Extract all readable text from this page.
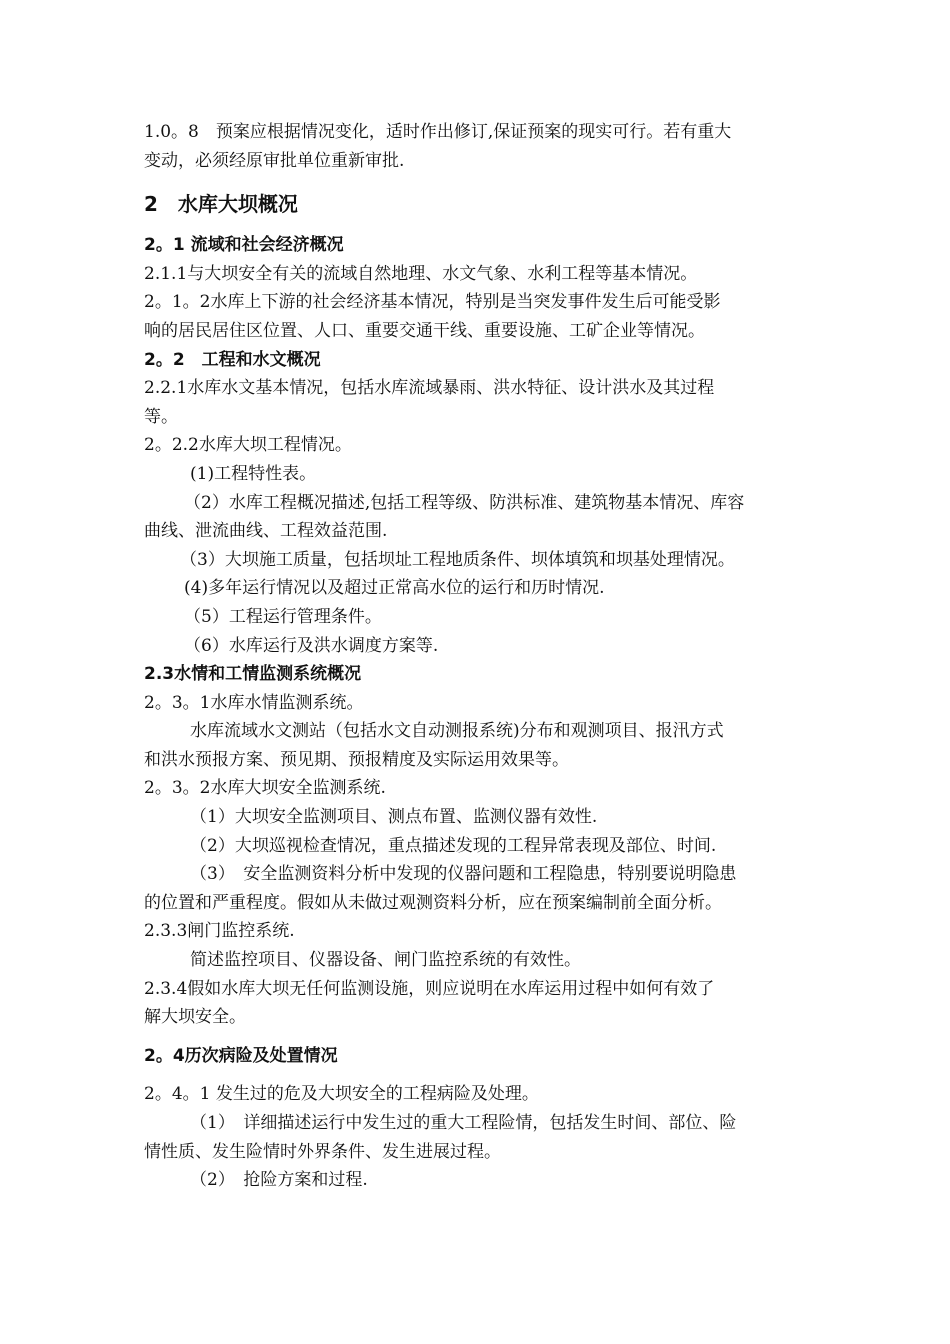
1.0。8　预案应根据情况变化，适时作出修订,保证预案的现实可行。若有重大
变动，必须经原审批单位重新审批.
2　水库大坝概况
2。1 流域和社会经济概况
2.1.1与大坝安全有关的流域自然地理、水文气象、水利工程等基本情况。
2。1。2水库上下游的社会经济基本情况，特别是当突发事件发生后可能受影
响的居民居住区位置、人口、重要交通干线、重要设施、工矿企业等情况。
2。2　工程和水文概况
2.2.1水库水文基本情况，包括水库流域暴雨、洪水特征、设计洪水及其过程
等。
2。2.2水库大坝工程情况。
(1)工程特性表。
（2）水库工程概况描述,包括工程等级、防洪标准、建筑物基本情况、库容
曲线、泄流曲线、工程效益范围.
（3）大坝施工质量，包括坝址工程地质条件、坝体填筑和坝基处理情况。
(4)多年运行情况以及超过正常高水位的运行和历时情况.
（5）工程运行管理条件。
（6）水库运行及洪水调度方案等.
2.3水情和工情监测系统概况
2。3。1水库水情监测系统。
水库流域水文测站（包括水文自动测报系统)分布和观测项目、报汛方式
和洪水预报方案、预见期、预报精度及实际运用效果等。
2。3。2水库大坝安全监测系统.
（1）大坝安全监测项目、测点布置、监测仪器有效性.
（2）大坝巡视检查情况，重点描述发现的工程异常表现及部位、时间.
（3）　安全监测资料分析中发现的仪器问题和工程隐患，特别要说明隐患
的位置和严重程度。假如从未做过观测资料分析，应在预案编制前全面分析。
2.3.3闸门监控系统.
简述监控项目、仪器设备、闸门监控系统的有效性。
2.3.4假如水库大坝无任何监测设施，则应说明在水库运用过程中如何有效了
解大坝安全。
2。4历次病险及处置情况
2。4。1 发生过的危及大坝安全的工程病险及处理。
（1）　详细描述运行中发生过的重大工程险情，包括发生时间、部位、险
情性质、发生险情时外界条件、发生进展过程。
（2）　抢险方案和过程.
